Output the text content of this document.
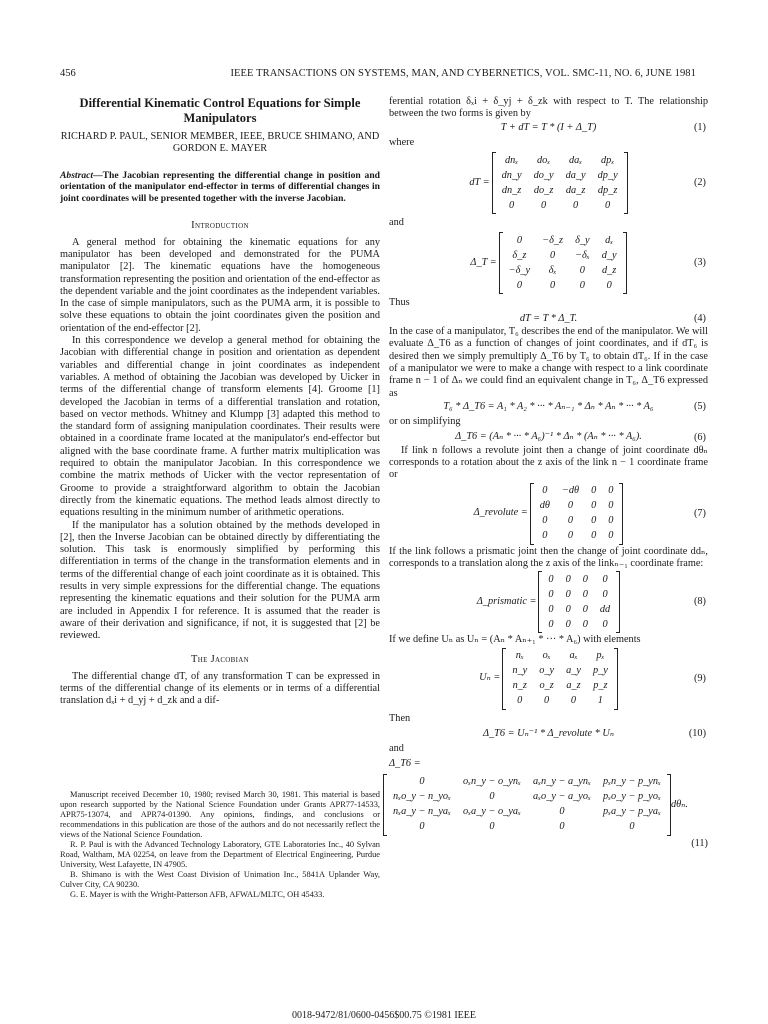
456	IEEE TRANSACTIONS ON SYSTEMS, MAN, AND CYBERNETICS, VOL. SMC-11, NO. 6, JUNE 1981
Differential Kinematic Control Equations for Simple Manipulators
RICHARD P. PAUL, SENIOR MEMBER, IEEE, BRUCE SHIMANO, AND GORDON E. MAYER
Abstract—The Jacobian representing the differential change in position and orientation of the manipulator end-effector in terms of differential changes in joint coordinates will be presented together with the inverse Jacobian.
Introduction

A general method for obtaining the kinematic equations for any manipulator has been developed and demonstrated for the PUMA manipulator [2]. The kinematic equations have the homogeneous transformation representing the position and orientation of the end-effector as the dependent variable and the joint coordinates as the independent variables. In the case of simple manipulators, such as the PUMA arm, it is possible to solve these equations to obtain the joint coordinates given the position and orientation of the end-effector [2].

In this correspondence we develop a general method for obtaining the Jacobian with differential change in position and orientation as dependent variables and differential change in joint coordinates as independent variables. A method of obtaining the Jacobian was developed by Uicker in terms of the differential change of transform elements [4]. Groome [1] developed the Jacobian in terms of a differential translation and rotation, based on vector methods. Whitney and Klumpp [3] adapted this method to the standard form of assigning manipulation coordinates. Their results were obtained in a coordinate frame located at the manipulator's end-effector but aligned with the base coordinate frame. A further matrix multiplication was required to obtain the manipulator Jacobian. In this correspondence we combine the matrix methods of Uicker with the vector representation of Groome to provide a straightforward algorithm to obtain the Jacobian directly from the kinematic equations. The method leads almost directly to equations resulting in the minimum number of arithmetic operations.

If the manipulator has a solution obtained by the methods developed in [2], then the Inverse Jacobian can be obtained directly by differentiating the solution. This task is enormously simplified by performing this differentiation in terms of the change in the transformation elements and in terms of the differential change of each joint coordinate as it is obtained. This results in very simple expressions for the differential change. The equations representing the kinematic equations and their solution for the PUMA arm are included in Appendix I for reference. It is assumed that the reader is aware of their derivation and significance, if not, it is suggested that [2] be reviewed.

The Jacobian

The differential change dT, of any transformation T can be expressed in terms of the differential change of its elements or in terms of a differential translation dₓi + d_yj + d_zk and a dif-

Manuscript received December 10, 1980; revised March 30, 1981. This material is based upon research supported by the National Science Foundation under Grants APR77-14533, APR75-13074, and APR74-01390. Any opinions, findings, and conclusions or recommendations in this publication are those of the authors and do not necessarily reflect the views of the National Science Foundation.

R. P. Paul is with the Advanced Technology Laboratory, GTE Laboratories Inc., 40 Sylvan Road, Waltham, MA 02254, on leave from the Department of Electrical Engineering, Purdue University, West Lafayette, IN 47905.

B. Shimano is with the West Coast Division of Unimation Inc., 5841A Uplander Way, Culver City, CA 90230.

G. E. Mayer is with the Wright-Patterson AFB, AFWAL/MLTC, OH 45433.

ferential rotation δₓi + δ_yj + δ_zk with respect to T. The relationship between the two forms is given by

T + dT = T * (I + Δ_T)	(1)
where
dT =
dnₓ	doₓ	daₓ	dpₓ
dn_y	do_y	da_y	dp_y
dn_z	do_z	da_z	dp_z
0	0	0	0
(2)
and
Δ_T =
0	−δ_z	δ_y	dₓ
δ_z	0	−δₓ	d_y
−δ_y	δₓ	0	d_z
0	0	0	0
(3)
Thus
dT = T * Δ_T.	(4)

In the case of a manipulator, T₆ describes the end of the manipulator. We will evaluate Δ_T6 as a function of changes of joint coordinates, and if dT₆ is desired then we simply premultiply Δ_T6 by T₆ to obtain dT₆. If in the case of a manipulator we were to make a change with respect to a link coordinate frame n − 1 of Δₙ we could find an equivalent change in T₆, Δ_T6 expressed as

T₆ * Δ_T6 = A₁ * A₂ * ··· * Aₙ₋₁ * Δₙ * Aₙ * ··· * A₆	(5)
or on simplifying
Δ_T6 = (Aₙ * ··· * A₆)⁻¹ * Δₙ * (Aₙ * ··· * A₆).	(6)

If link n follows a revolute joint then a change of joint coordinate dθₙ corresponds to a rotation about the z axis of the link n − 1 coordinate frame or

Δ_revolute =
0	−dθ	0	0
dθ	0	0	0
0	0	0	0
0	0	0	0
(7)

If the link follows a prismatic joint then the change of joint coordinate ddₙ, corresponds to a translation along the z axis of the linkₙ₋₁ coordinate frame:

Δ_prismatic =
0	0	0	0
0	0	0	0
0	0	0	dd
0	0	0	0
(8)

If we define Uₙ as Uₙ = (Aₙ * Aₙ₊₁ * ··· * A₆) with elements

Uₙ =
nₓ	oₓ	aₓ	pₓ
n_y	o_y	a_y	p_y
n_z	o_z	a_z	p_z
0	0	0	1
(9)
Then
Δ_T6 = Uₙ⁻¹ * Δ_revolute * Uₙ	(10)
and
Δ_T6 =
0	oₓn_y − o_ynₓ	aₓn_y − a_ynₓ	pₓn_y − p_ynₓ
nₓo_y − n_yoₓ	0	aₓo_y − a_yoₓ	pₓo_y − p_yoₓ
nₓa_y − n_yaₓ	oₓa_y − o_yaₓ	0	pₓa_y − p_yaₓ
0	0	0	0
dθₙ.
(11)
0018-9472/81/0600-0456$00.75 ©1981 IEEE
